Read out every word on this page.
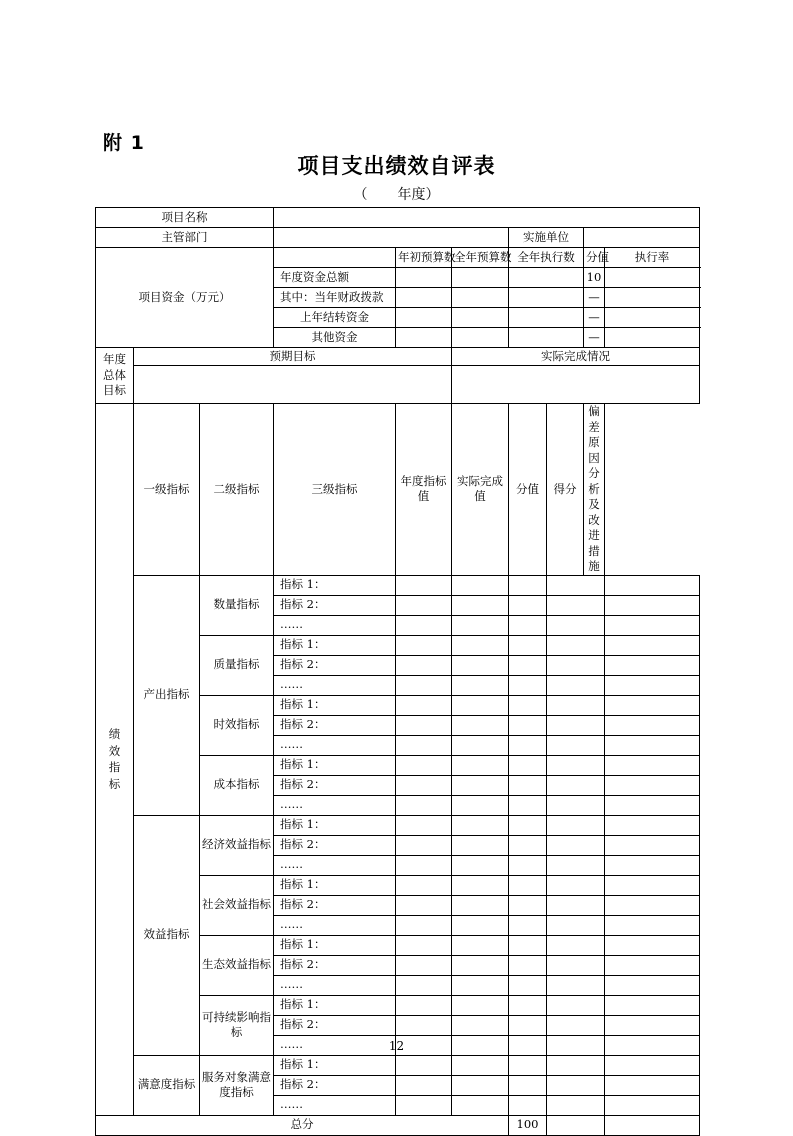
附 1
项目支出绩效自评表
（ 年度）
项目名称										
主管部门						实施单位				
项目资金（万元）				年初预算数	全年预算数	全年执行数		分值	执行率	
			年度资金总额					10		
			其中：当年财政拨款					—		
			上年结转资金					—		
			其他资金					—		
年度总体目标	预期目标				实际完成情况					

绩效指标	一级指标	二级指标	三级指标	年度指标值	实际完成值	分值	得分	偏差原因分析及改进措施		
	产出指标	数量指标	指标 1：							
			指标 2：							
			……							
		质量指标	指标 1：							
			指标 2：							
			……							
		时效指标	指标 1：							
			指标 2：							
			……							
		成本指标	指标 1：							
			指标 2：							
			……							
	效益指标	经济效益指标	指标 1：							
			指标 2：							
			……							
		社会效益指标	指标 1：							
			指标 2：							
			……							
		生态效益指标	指标 1：							
			指标 2：							
			……							
		可持续影响指标	指标 1：							
			指标 2：							
			……							
	满意度指标	服务对象满意度指标	指标 1：							
			指标 2：							
			……							
总分						100				
12
